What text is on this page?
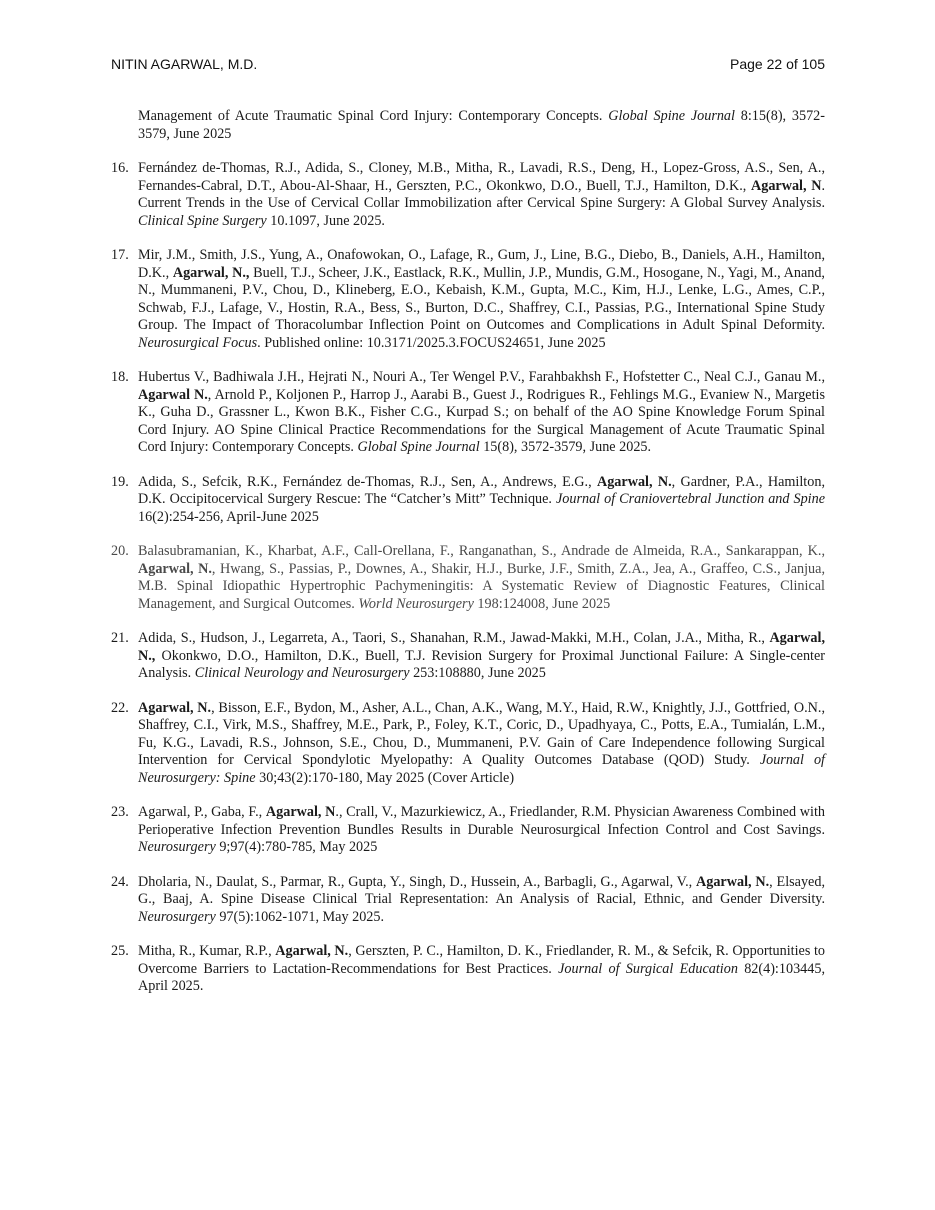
NITIN AGARWAL, M.D.	Page 22 of 105
Management of Acute Traumatic Spinal Cord Injury: Contemporary Concepts. Global Spine Journal 8:15(8), 3572-3579, June 2025
16. Fernández de-Thomas, R.J., Adida, S., Cloney, M.B., Mitha, R., Lavadi, R.S., Deng, H., Lopez-Gross, A.S., Sen, A., Fernandes-Cabral, D.T., Abou-Al-Shaar, H., Gerszten, P.C., Okonkwo, D.O., Buell, T.J., Hamilton, D.K., Agarwal, N. Current Trends in the Use of Cervical Collar Immobilization after Cervical Spine Surgery: A Global Survey Analysis. Clinical Spine Surgery 10.1097, June 2025.
17. Mir, J.M., Smith, J.S., Yung, A., Onafowokan, O., Lafage, R., Gum, J., Line, B.G., Diebo, B., Daniels, A.H., Hamilton, D.K., Agarwal, N., Buell, T.J., Scheer, J.K., Eastlack, R.K., Mullin, J.P., Mundis, G.M., Hosogane, N., Yagi, M., Anand, N., Mummaneni, P.V., Chou, D., Klineberg, E.O., Kebaish, K.M., Gupta, M.C., Kim, H.J., Lenke, L.G., Ames, C.P., Schwab, F.J., Lafage, V., Hostin, R.A., Bess, S., Burton, D.C., Shaffrey, C.I., Passias, P.G., International Spine Study Group. The Impact of Thoracolumbar Inflection Point on Outcomes and Complications in Adult Spinal Deformity. Neurosurgical Focus. Published online: 10.3171/2025.3.FOCUS24651, June 2025
18. Hubertus V., Badhiwala J.H., Hejrati N., Nouri A., Ter Wengel P.V., Farahbakhsh F., Hofstetter C., Neal C.J., Ganau M., Agarwal N., Arnold P., Koljonen P., Harrop J., Aarabi B., Guest J., Rodrigues R., Fehlings M.G., Evaniew N., Margetis K., Guha D., Grassner L., Kwon B.K., Fisher C.G., Kurpad S.; on behalf of the AO Spine Knowledge Forum Spinal Cord Injury. AO Spine Clinical Practice Recommendations for the Surgical Management of Acute Traumatic Spinal Cord Injury: Contemporary Concepts. Global Spine Journal 15(8), 3572-3579, June 2025.
19. Adida, S., Sefcik, R.K., Fernández de-Thomas, R.J., Sen, A., Andrews, E.G., Agarwal, N., Gardner, P.A., Hamilton, D.K. Occipitocervical Surgery Rescue: The “Catcher’s Mitt” Technique. Journal of Craniovertebral Junction and Spine 16(2):254-256, April-June 2025
20. Balasubramanian, K., Kharbat, A.F., Call-Orellana, F., Ranganathan, S., Andrade de Almeida, R.A., Sankarappan, K., Agarwal, N., Hwang, S., Passias, P., Downes, A., Shakir, H.J., Burke, J.F., Smith, Z.A., Jea, A., Graffeo, C.S., Janjua, M.B. Spinal Idiopathic Hypertrophic Pachymeningitis: A Systematic Review of Diagnostic Features, Clinical Management, and Surgical Outcomes. World Neurosurgery 198:124008, June 2025
21. Adida, S., Hudson, J., Legarreta, A., Taori, S., Shanahan, R.M., Jawad-Makki, M.H., Colan, J.A., Mitha, R., Agarwal, N., Okonkwo, D.O., Hamilton, D.K., Buell, T.J. Revision Surgery for Proximal Junctional Failure: A Single-center Analysis. Clinical Neurology and Neurosurgery 253:108880, June 2025
22. Agarwal, N., Bisson, E.F., Bydon, M., Asher, A.L., Chan, A.K., Wang, M.Y., Haid, R.W., Knightly, J.J., Gottfried, O.N., Shaffrey, C.I., Virk, M.S., Shaffrey, M.E., Park, P., Foley, K.T., Coric, D., Upadhyaya, C., Potts, E.A., Tumialán, L.M., Fu, K.G., Lavadi, R.S., Johnson, S.E., Chou, D., Mummaneni, P.V. Gain of Care Independence following Surgical Intervention for Cervical Spondylotic Myelopathy: A Quality Outcomes Database (QOD) Study. Journal of Neurosurgery: Spine 30;43(2):170-180, May 2025 (Cover Article)
23. Agarwal, P., Gaba, F., Agarwal, N., Crall, V., Mazurkiewicz, A., Friedlander, R.M. Physician Awareness Combined with Perioperative Infection Prevention Bundles Results in Durable Neurosurgical Infection Control and Cost Savings. Neurosurgery 9;97(4):780-785, May 2025
24. Dholaria, N., Daulat, S., Parmar, R., Gupta, Y., Singh, D., Hussein, A., Barbagli, G., Agarwal, V., Agarwal, N., Elsayed, G., Baaj, A. Spine Disease Clinical Trial Representation: An Analysis of Racial, Ethnic, and Gender Diversity. Neurosurgery 97(5):1062-1071, May 2025.
25. Mitha, R., Kumar, R.P., Agarwal, N., Gerszten, P. C., Hamilton, D. K., Friedlander, R. M., & Sefcik, R. Opportunities to Overcome Barriers to Lactation-Recommendations for Best Practices. Journal of Surgical Education 82(4):103445, April 2025.
